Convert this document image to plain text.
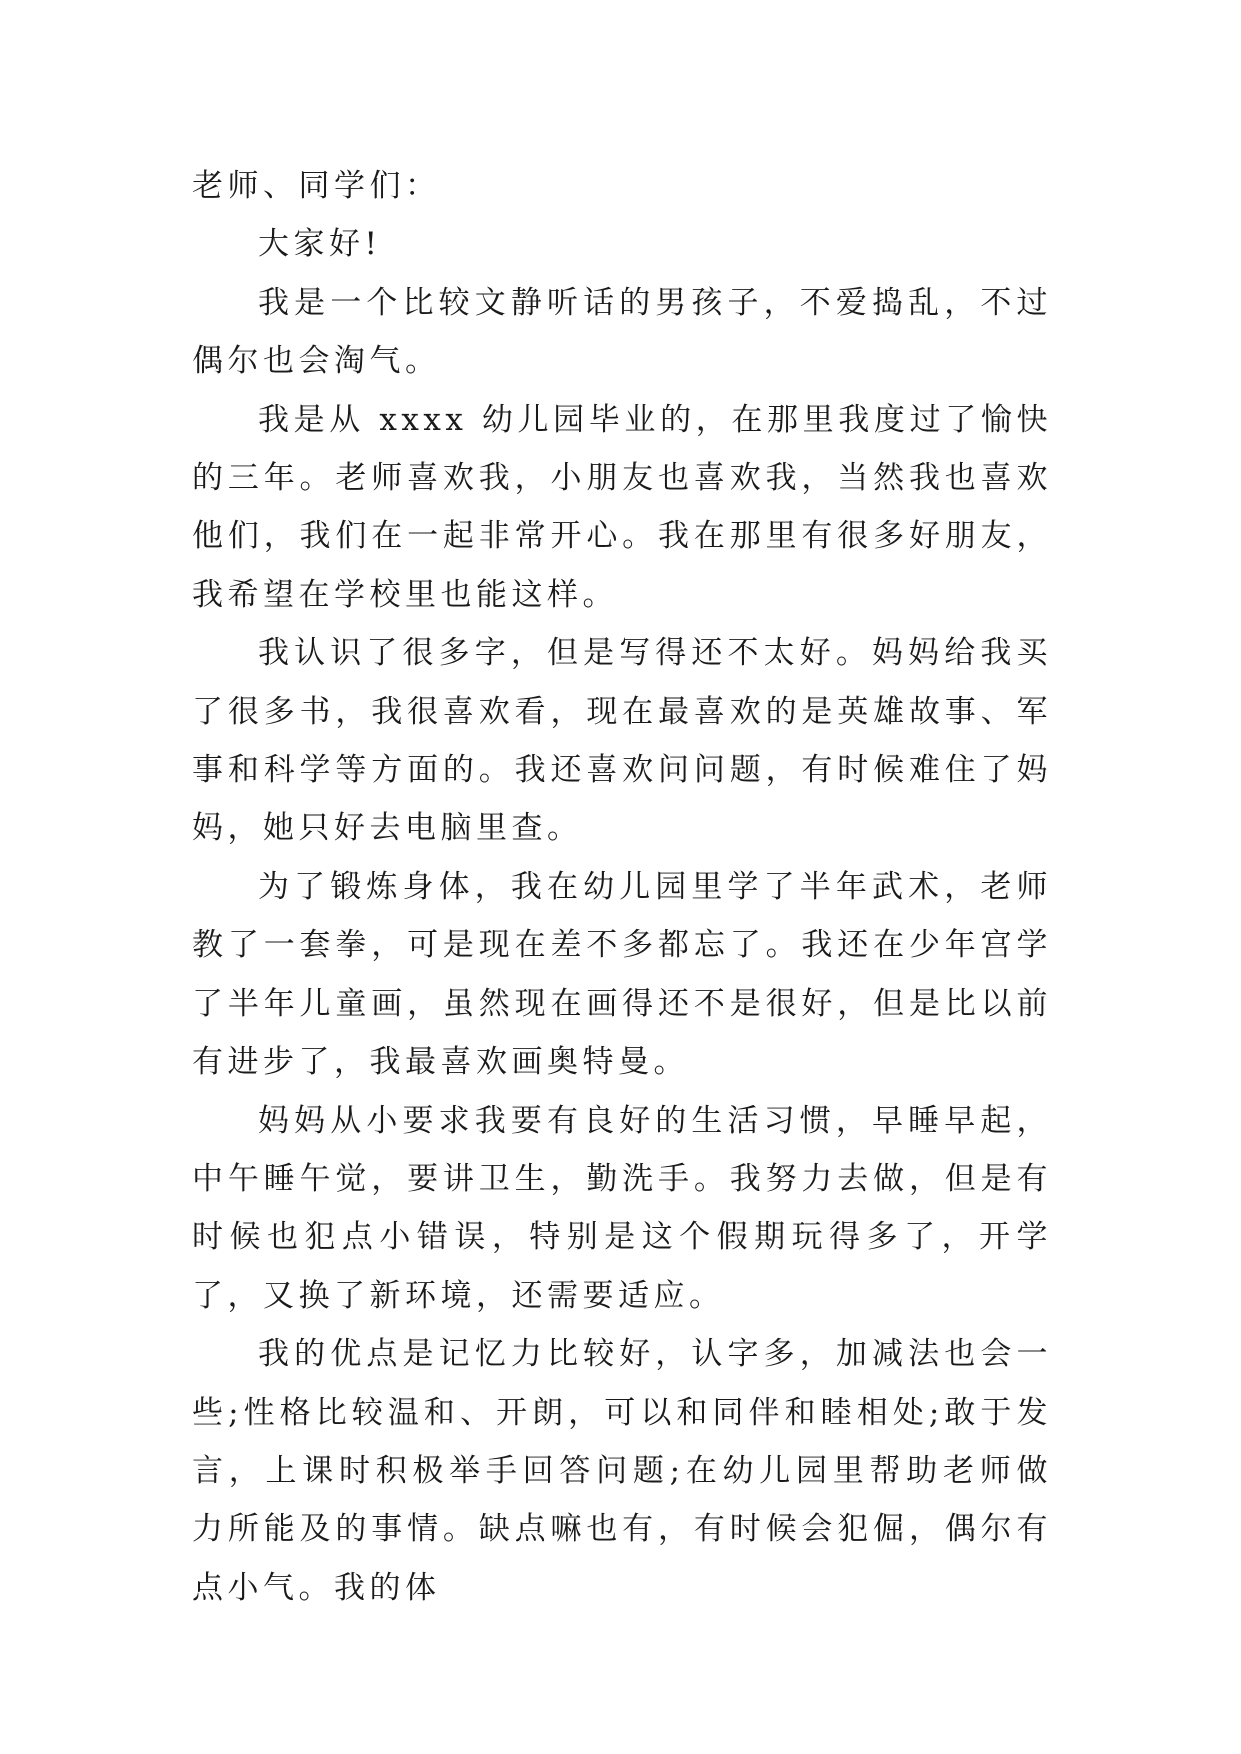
老师、同学们：

大家好!

我是一个比较文静听话的男孩子，不爱捣乱，不过偶尔也会淘气。

我是从 xxxx 幼儿园毕业的，在那里我度过了愉快的三年。老师喜欢我，小朋友也喜欢我，当然我也喜欢他们，我们在一起非常开心。我在那里有很多好朋友，我希望在学校里也能这样。

我认识了很多字，但是写得还不太好。妈妈给我买了很多书，我很喜欢看，现在最喜欢的是英雄故事、军事和科学等方面的。我还喜欢问问题，有时候难住了妈妈，她只好去电脑里查。

为了锻炼身体，我在幼儿园里学了半年武术，老师教了一套拳，可是现在差不多都忘了。我还在少年宫学了半年儿童画，虽然现在画得还不是很好，但是比以前有进步了，我最喜欢画奥特曼。

妈妈从小要求我要有良好的生活习惯，早睡早起，中午睡午觉，要讲卫生，勤洗手。我努力去做，但是有时候也犯点小错误，特别是这个假期玩得多了，开学了，又换了新环境，还需要适应。

我的优点是记忆力比较好，认字多，加减法也会一些;性格比较温和、开朗，可以和同伴和睦相处;敢于发言，上课时积极举手回答问题;在幼儿园里帮助老师做力所能及的事情。缺点嘛也有，有时候会犯倔，偶尔有点小气。我的体
